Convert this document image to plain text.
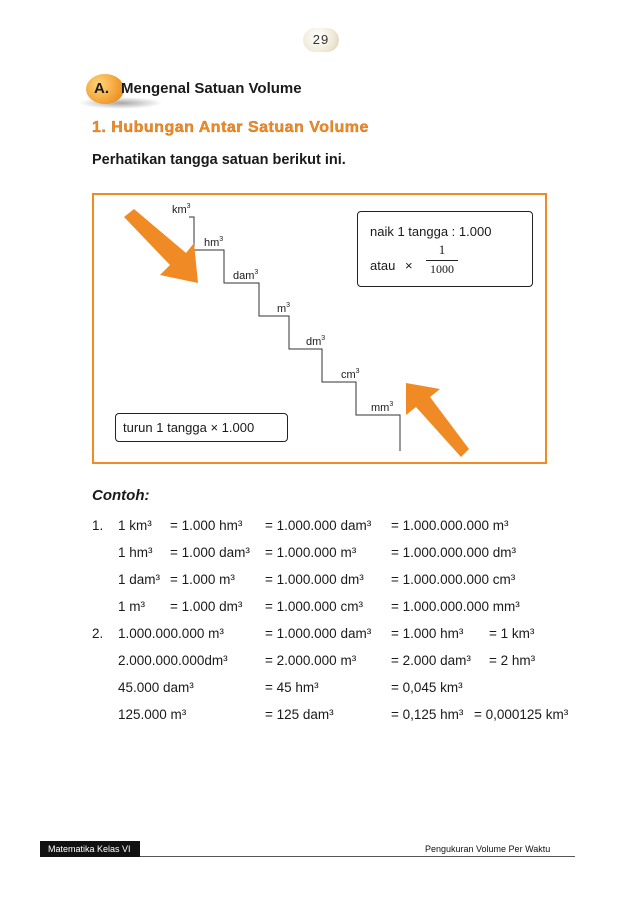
29
A. Mengenal Satuan Volume
1. Hubungan Antar Satuan Volume
Perhatikan tangga satuan berikut ini.
$km^3$
$hm^3$
dam$^3$
$m^3$
$dm^3$
$cm^3$
$mm^3$
naik 1 tangga : 1.000
atau ×
1
1000
turun 1 tangga × 1.000
Contoh:
1. 1 km³ = 1.000 hm³ = 1.000.000 dam³ = 1.000.000.000 m³
1 hm³ = 1.000 dam³ = 1.000.000 m³	= 1.000.000.000 dm³
1 dam³ = 1.000 m³ = 1.000.000 dm³ = 1.000.000.000 cm³
1 m³ = 1.000 dm³ = 1.000.000 cm³ = 1.000.000.000 mm³
2. 1.000.000.000 m³	= 1.000.000 dam³ = 1.000 hm³ = 1 km³
2.000.000.000dm³	= 2.000.000 m³	= 2.000 dam³ = 2 hm³
45.000 dam³	= 45 hm³	= 0,045 km³
125.000 m³	= 125 dam³	= 0,125 hm³ = 0,000125 km³
Matematika Kelas VI	Pengukuran Volume Per Waktu
